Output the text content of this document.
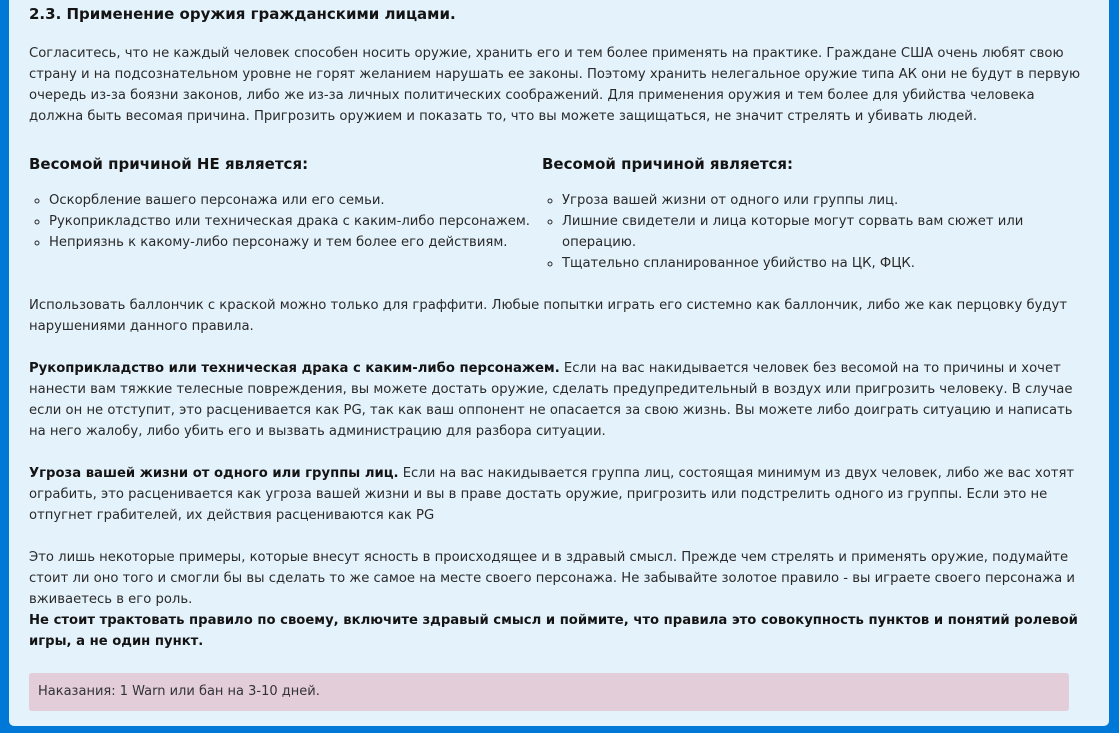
2.3. Применение оружия гражданскими лицами.

Согласитесь, что не каждый человек способен носить оружие, хранить его и тем более применять на практике. Граждане США очень любят свою страну и на подсознательном уровне не горят желанием нарушать ее законы. Поэтому хранить нелегальное оружие типа АК они не будут в первую очередь из-за боязни законов, либо же из-за личных политических соображений. Для применения оружия и тем более для убийства человека должна быть весомая причина. Пригрозить оружием и показать то, что вы можете защищаться, не значит стрелять и убивать людей.

Весомой причиной НЕ является:
◦ Оскорбление вашего персонажа или его семьи.
◦ Рукоприкладство или техническая драка с каким-либо персонажем.
◦ Неприязнь к какому-либо персонажу и тем более его действиям.
Весомой причиной является:
◦ Угроза вашей жизни от одного или группы лиц.
◦ Лишние свидетели и лица которые могут сорвать вам сюжет или операцию.
◦ Тщательно спланированное убийство на ЦК, ФЦК.

Использовать баллончик с краской можно только для граффити. Любые попытки играть его системно как баллончик, либо же как перцовку будут нарушениями данного правила.

Рукоприкладство или техническая драка с каким-либо персонажем. Если на вас накидывается человек без весомой на то причины и хочет нанести вам тяжкие телесные повреждения, вы можете достать оружие, сделать предупредительный в воздух или пригрозить человеку. В случае если он не отступит, это расценивается как PG, так как ваш оппонент не опасается за свою жизнь. Вы можете либо доиграть ситуацию и написать на него жалобу, либо убить его и вызвать администрацию для разбора ситуации.

Угроза вашей жизни от одного или группы лиц. Если на вас накидывается группа лиц, состоящая минимум из двух человек, либо же вас хотят ограбить, это расценивается как угроза вашей жизни и вы в праве достать оружие, пригрозить или подстрелить одного из группы. Если это не отпугнет грабителей, их действия расцениваются как PG

Это лишь некоторые примеры, которые внесут ясность в происходящее и в здравый смысл. Прежде чем стрелять и применять оружие, подумайте стоит ли оно того и смогли бы вы сделать то же самое на месте своего персонажа. Не забывайте золотое правило - вы играете своего персонажа и вживаетесь в его роль.

Не стоит трактовать правило по своему, включите здравый смысл и поймите, что правила это совокупность пунктов и понятий ролевой игры, а не один пункт.

Наказания: 1 Warn или бан на 3-10 дней.
